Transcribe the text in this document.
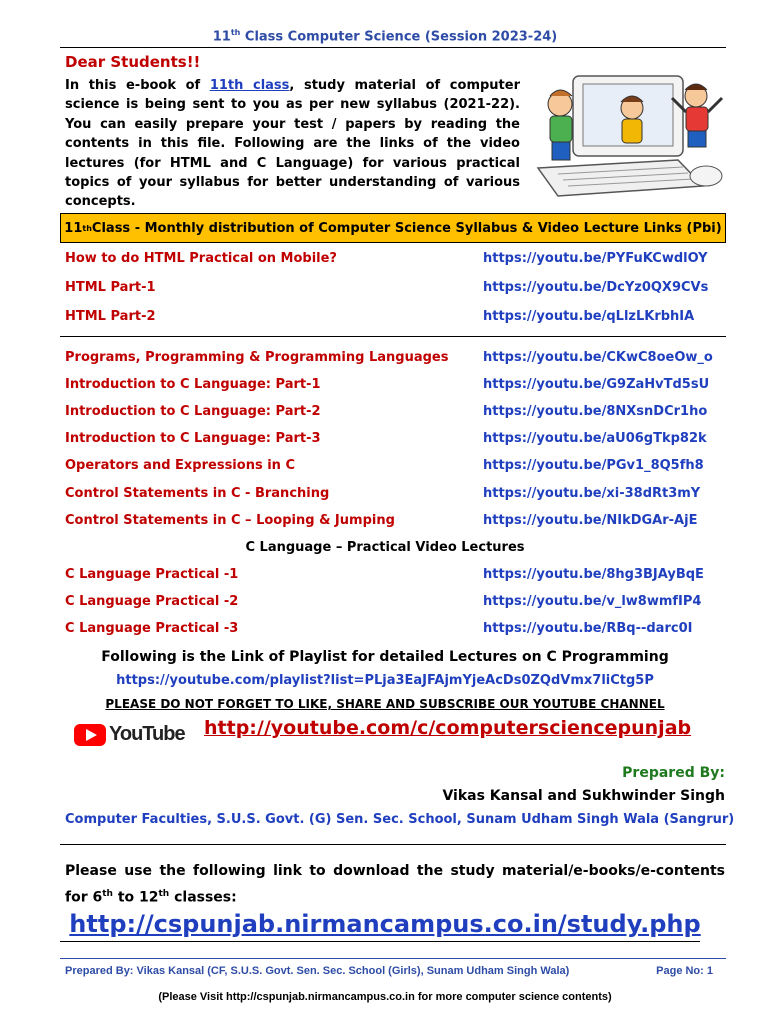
11th Class Computer Science (Session 2023-24)
Dear Students!!
In this e-book of 11th class, study material of computer science is being sent to you as per new syllabus (2021-22). You can easily prepare your test / papers by reading the contents in this file. Following are the links of the video lectures (for HTML and C Language) for various practical topics of your syllabus for better understanding of various concepts.
11 th Class - Monthly distribution of Computer Science Syllabus & Video Lecture Links (Pbi)
How to do HTML Practical on Mobile?	https://youtu.be/PYFuKCwdlOY
HTML Part-1	https://youtu.be/DcYz0QX9CVs
HTML Part-2	https://youtu.be/qLlzLKrbhIA
Programs, Programming & Programming Languages	https://youtu.be/CKwC8oeOw_o
Introduction to C Language: Part-1	https://youtu.be/G9ZaHvTd5sU
Introduction to C Language: Part-2	https://youtu.be/8NXsnDCr1ho
Introduction to C Language: Part-3	https://youtu.be/aU06gTkp82k
Operators and Expressions in C	https://youtu.be/PGv1_8Q5fh8
Control Statements in C - Branching	https://youtu.be/xi-38dRt3mY
Control Statements in C – Looping & Jumping	https://youtu.be/NIkDGAr-AjE
C Language – Practical Video Lectures
C Language Practical -1	https://youtu.be/8hg3BJAyBqE
C Language Practical -2	https://youtu.be/v_lw8wmfIP4
C Language Practical -3	https://youtu.be/RBq--darc0I
Following is the Link of Playlist for detailed Lectures on C Programming
https://youtube.com/playlist?list=PLja3EaJFAjmYjeAcDs0ZQdVmx7liCtg5P
PLEASE DO NOT FORGET TO LIKE, SHARE AND SUBSCRIBE OUR YOUTUBE CHANNEL
YouTube http://youtube.com/c/computersciencepunjab
Prepared By:
Vikas Kansal and Sukhwinder Singh
Computer Faculties, S.U.S. Govt. (G) Sen. Sec. School, Sunam Udham Singh Wala (Sangrur)
Please use the following link to download the study material/e-books/e-contents for 6th to 12th classes:
http://cspunjab.nirmancampus.co.in/study.php
Prepared By: Vikas Kansal (CF, S.U.S. Govt. Sen. Sec. School (Girls), Sunam Udham Singh Wala)	Page No: 1
(Please Visit http://cspunjab.nirmancampus.co.in for more computer science contents)
